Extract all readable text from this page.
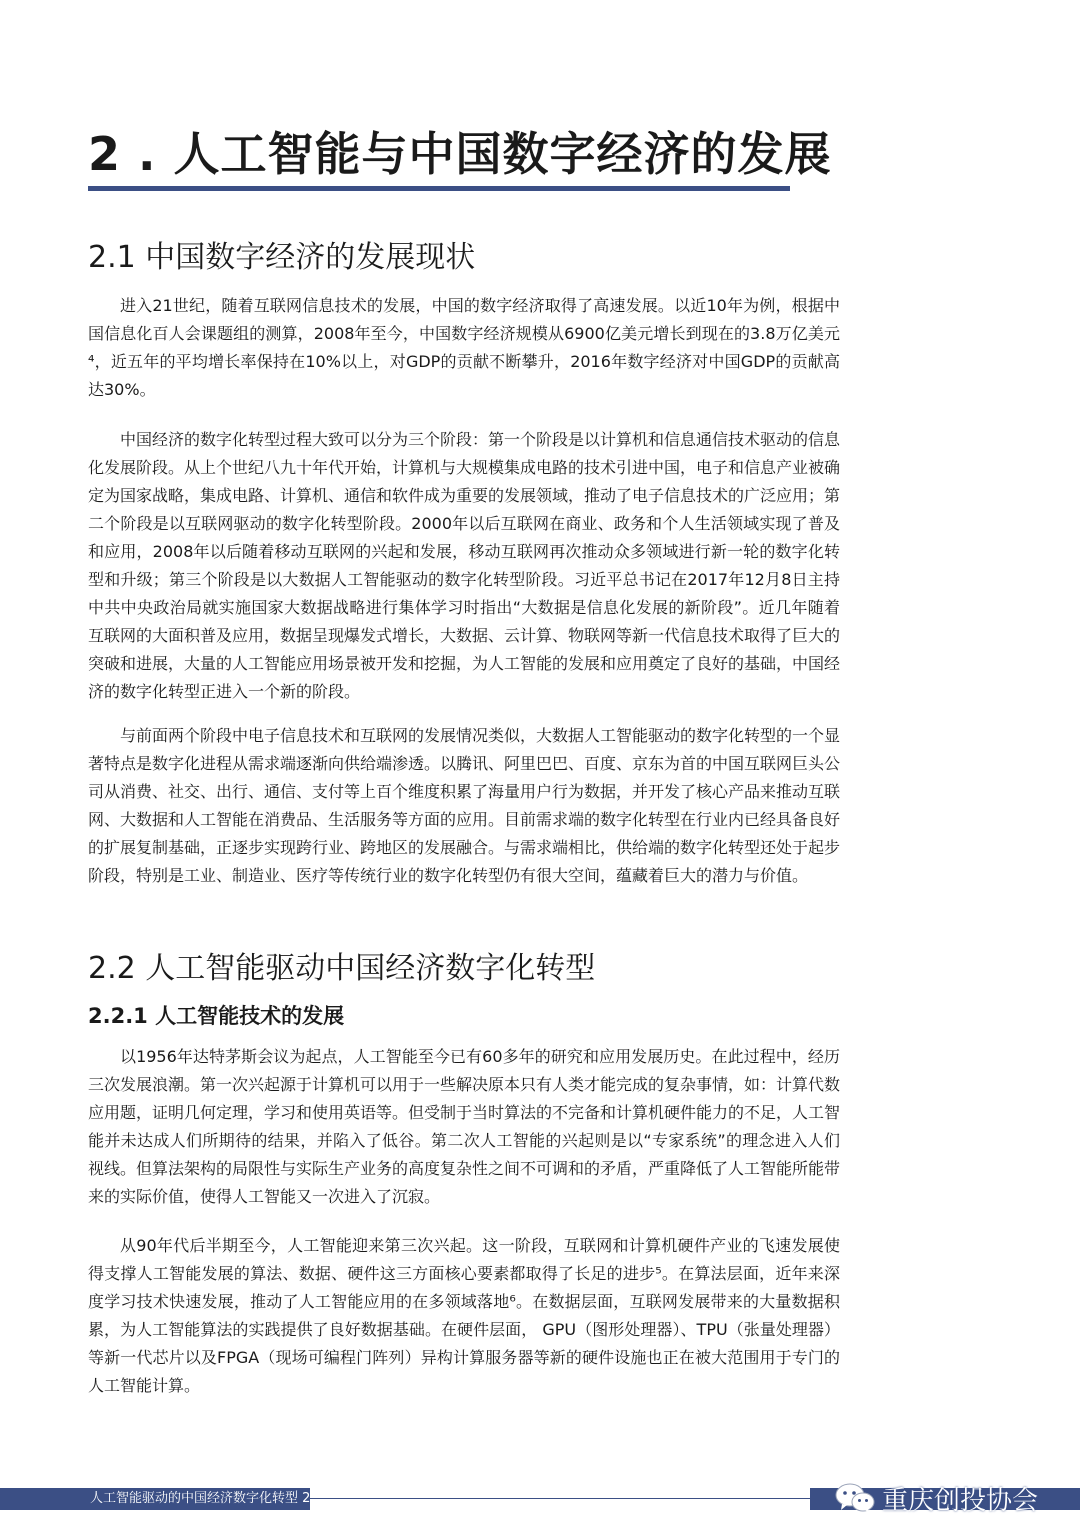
2 . 人工智能与中国数字经济的发展
2.1 中国数字经济的发展现状

进入21世纪，随着互联网信息技术的发展，中国的数字经济取得了高速发展。以近10年为例，根据中国信息化百人会课题组的测算，2008年至今，中国数字经济规模从6900亿美元增长到现在的3.8万亿美元⁴，近五年的平均增长率保持在10%以上，对GDP的贡献不断攀升，2016年数字经济对中国GDP的贡献高达30%。

中国经济的数字化转型过程大致可以分为三个阶段：第一个阶段是以计算机和信息通信技术驱动的信息化发展阶段。从上个世纪八九十年代开始，计算机与大规模集成电路的技术引进中国，电子和信息产业被确定为国家战略，集成电路、计算机、通信和软件成为重要的发展领域，推动了电子信息技术的广泛应用；第二个阶段是以互联网驱动的数字化转型阶段。2000年以后互联网在商业、政务和个人生活领域实现了普及和应用，2008年以后随着移动互联网的兴起和发展，移动互联网再次推动众多领域进行新一轮的数字化转型和升级；第三个阶段是以大数据人工智能驱动的数字化转型阶段。习近平总书记在2017年12月8日主持中共中央政治局就实施国家大数据战略进行集体学习时指出“大数据是信息化发展的新阶段”。近几年随着互联网的大面积普及应用，数据呈现爆发式增长，大数据、云计算、物联网等新一代信息技术取得了巨大的突破和进展，大量的人工智能应用场景被开发和挖掘，为人工智能的发展和应用奠定了良好的基础，中国经济的数字化转型正进入一个新的阶段。

与前面两个阶段中电子信息技术和互联网的发展情况类似，大数据人工智能驱动的数字化转型的一个显著特点是数字化进程从需求端逐渐向供给端渗透。以腾讯、阿里巴巴、百度、京东为首的中国互联网巨头公司从消费、社交、出行、通信、支付等上百个维度积累了海量用户行为数据，并开发了核心产品来推动互联网、大数据和人工智能在消费品、生活服务等方面的应用。目前需求端的数字化转型在行业内已经具备良好的扩展复制基础，正逐步实现跨行业、跨地区的发展融合。与需求端相比，供给端的数字化转型还处于起步阶段，特别是工业、制造业、医疗等传统行业的数字化转型仍有很大空间，蕴藏着巨大的潜力与价值。

2.2 人工智能驱动中国经济数字化转型
2.2.1 人工智能技术的发展

以1956年达特茅斯会议为起点，人工智能至今已有60多年的研究和应用发展历史。在此过程中，经历三次发展浪潮。第一次兴起源于计算机可以用于一些解决原本只有人类才能完成的复杂事情，如：计算代数应用题，证明几何定理，学习和使用英语等。但受制于当时算法的不完备和计算机硬件能力的不足，人工智能并未达成人们所期待的结果，并陷入了低谷。第二次人工智能的兴起则是以“专家系统”的理念进入人们视线。但算法架构的局限性与实际生产业务的高度复杂性之间不可调和的矛盾，严重降低了人工智能所能带来的实际价值，使得人工智能又一次进入了沉寂。

从90年代后半期至今，人工智能迎来第三次兴起。这一阶段，互联网和计算机硬件产业的飞速发展使得支撑人工智能发展的算法、数据、硬件这三方面核心要素都取得了长足的进步⁵。在算法层面，近年来深度学习技术快速发展，推动了人工智能应用的在多领域落地⁶。在数据层面，互联网发展带来的大量数据积累，为人工智能算法的实践提供了良好数据基础。在硬件层面， GPU（图形处理器）、TPU（张量处理器）等新一代芯片以及FPGA（现场可编程门阵列）异构计算服务器等新的硬件设施也正在被大范围用于专门的人工智能计算。

人工智能驱动的中国经济数字化转型 2	重庆创投协会
